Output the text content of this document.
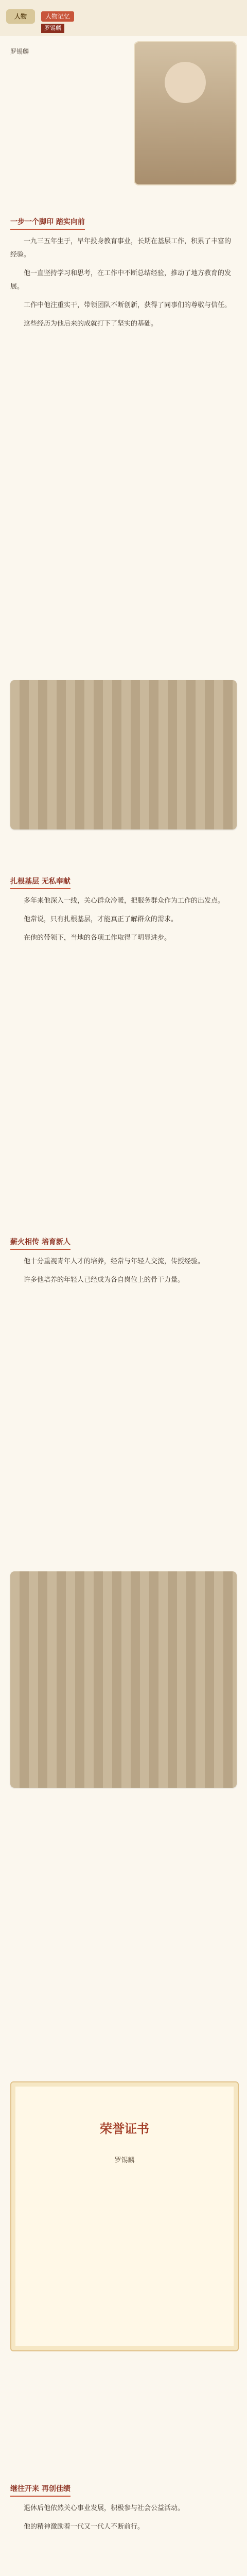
人物	人物记忆
罗锡麟
罗锡麟
一步一个脚印 踏实向前

一九三五年生于，早年投身教育事业，长期在基层工作，积累了丰富的经验。

他一直坚持学习和思考，在工作中不断总结经验，推动了地方教育的发展。

工作中他注重实干，带领团队不断创新，获得了同事们的尊敬与信任。

这些经历为他后来的成就打下了坚实的基础。

扎根基层 无私奉献

多年来他深入一线，关心群众冷暖，把服务群众作为工作的出发点。

他常说，只有扎根基层，才能真正了解群众的需求。

在他的带领下，当地的各项工作取得了明显进步。

薪火相传 培育新人

他十分重视青年人才的培养，经常与年轻人交流，传授经验。

许多他培养的年轻人已经成为各自岗位上的骨干力量。

荣誉证书
罗锡麟
继往开来 再创佳绩

退休后他依然关心事业发展，积极参与社会公益活动。

他的精神激励着一代又一代人不断前行。
